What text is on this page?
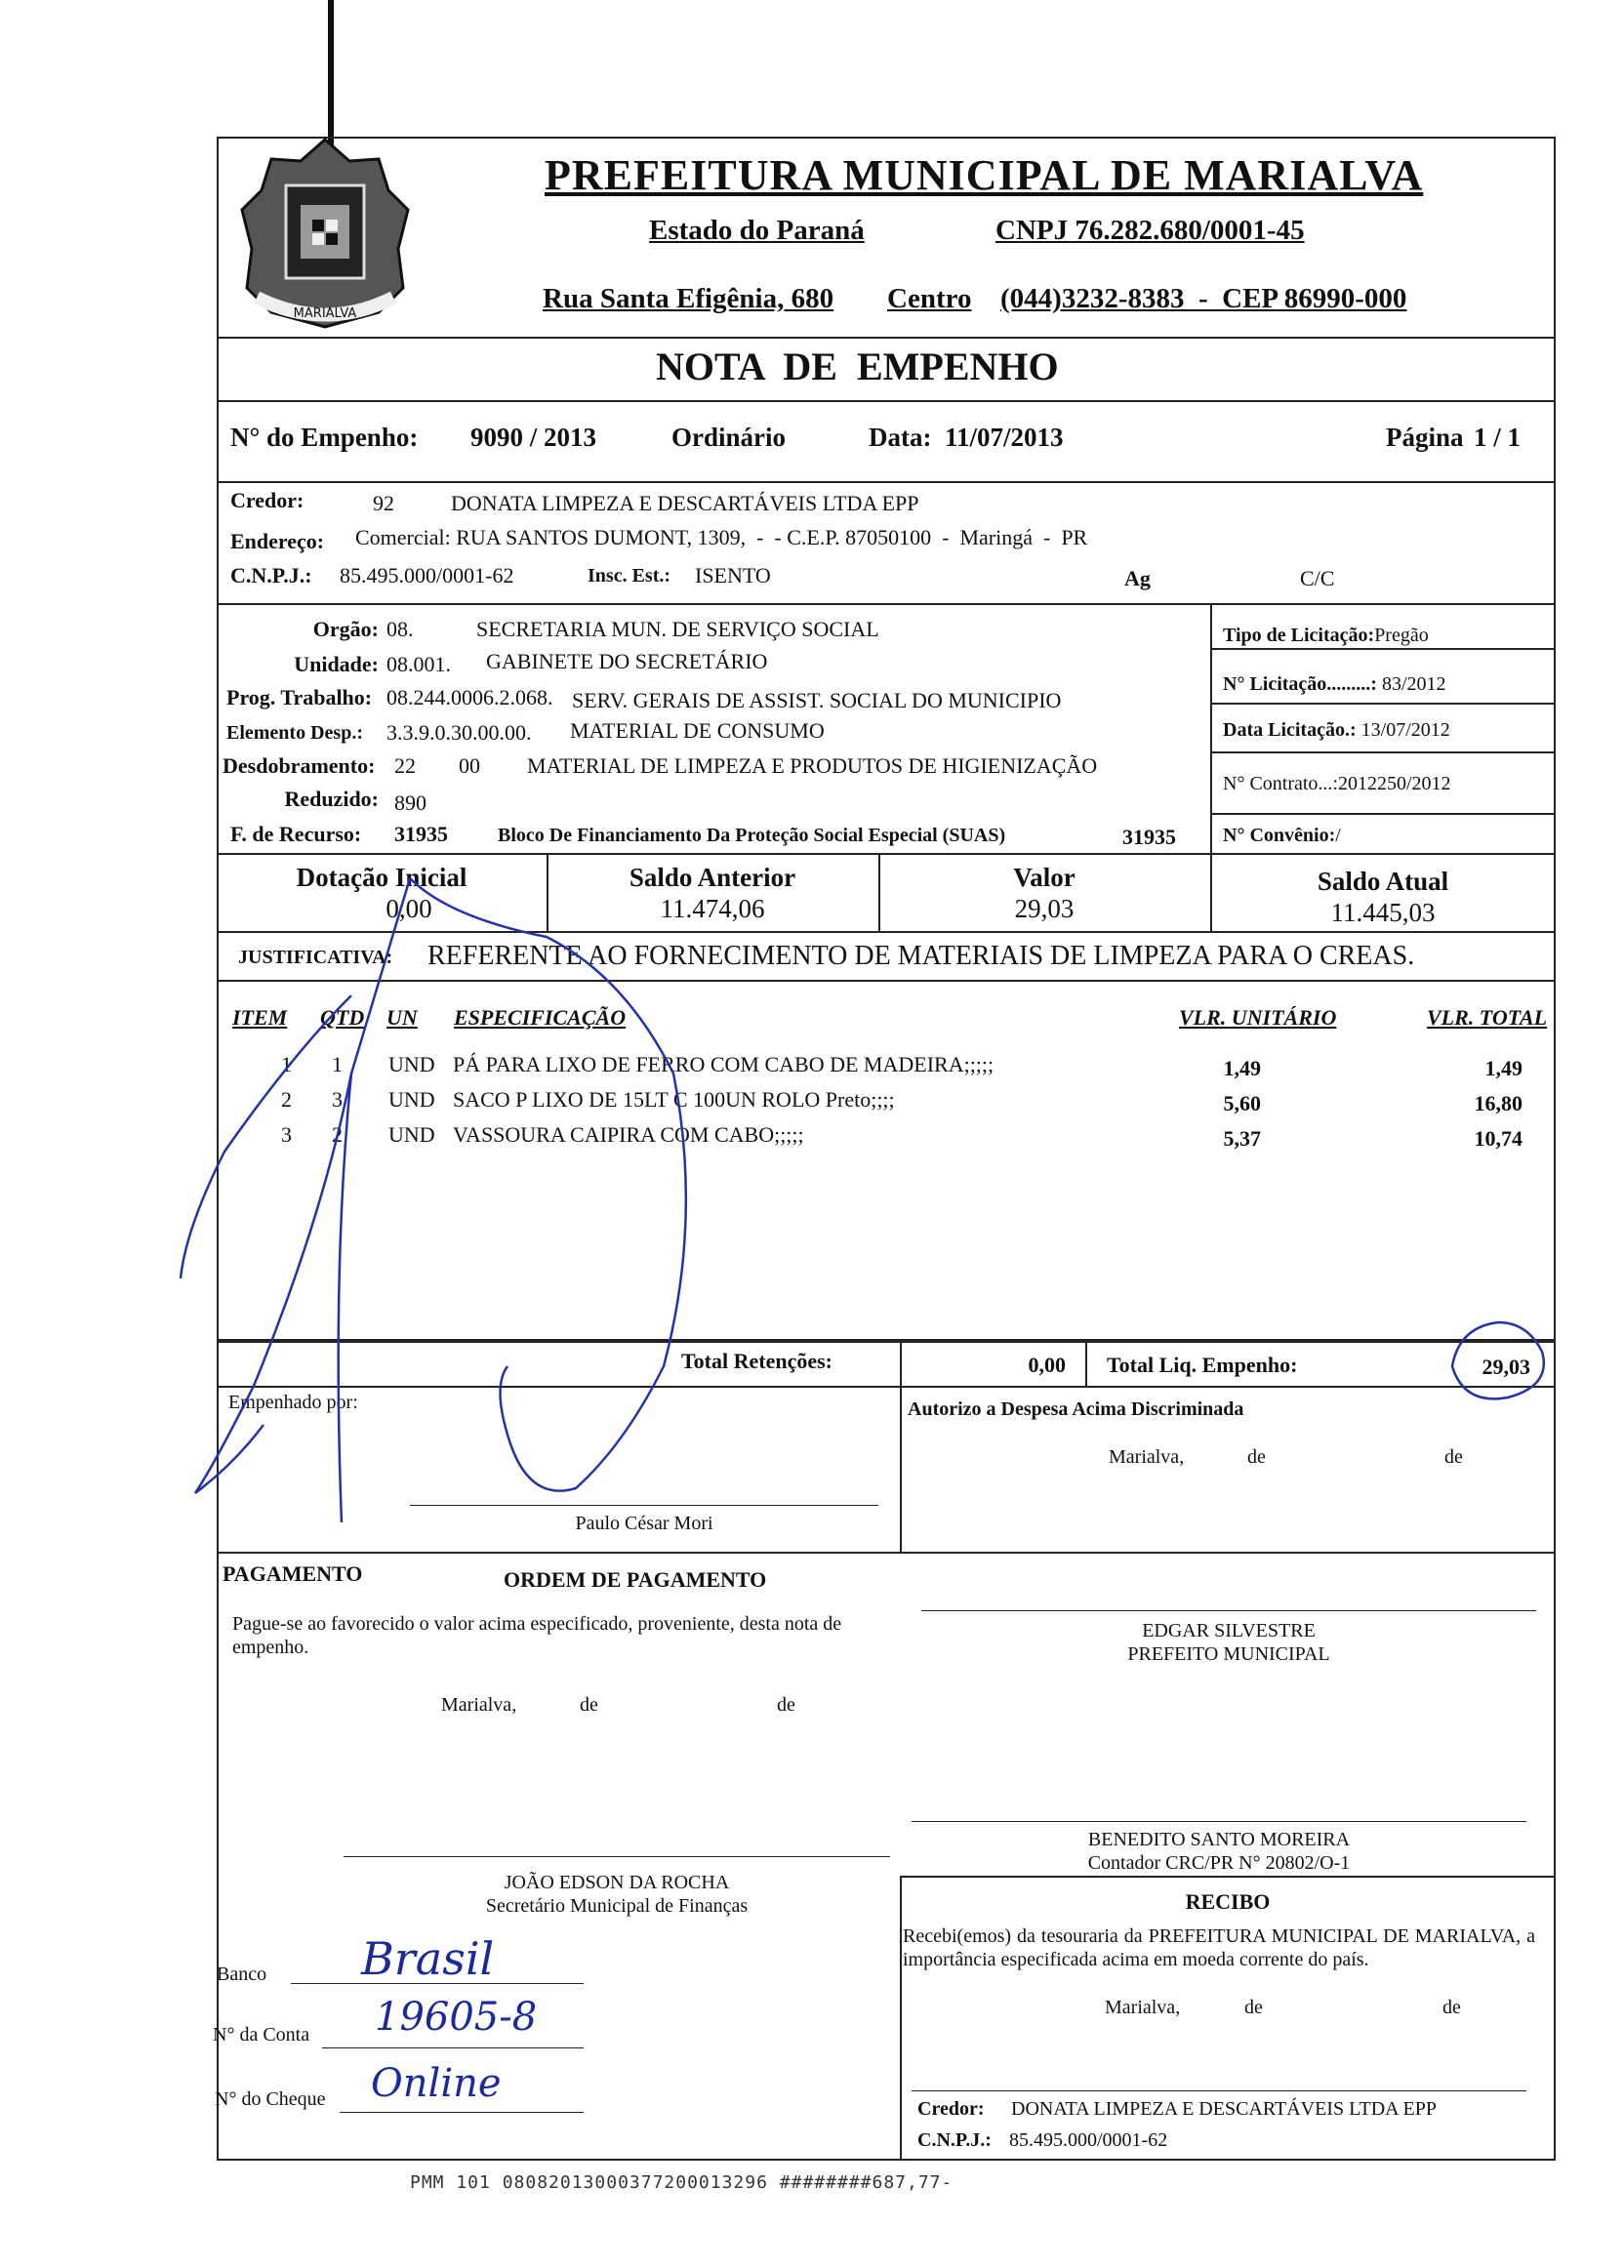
MARIALVA
PREFEITURA MUNICIPAL DE MARIALVA
Estado do Paraná	CNPJ 76.282.680/0001-45
Rua Santa Efigênia, 680 Centro (044)3232-8383  -  CEP 86990-000
NOTA  DE  EMPENHO
N° do Empenho: 9090 / 2013	Ordinário	Data: 11/07/2013	Página 1 / 1
Credor:	92	DONATA LIMPEZA E DESCARTÁVEIS LTDA EPP
Endereço: Comercial: RUA SANTOS DUMONT, 1309,  -  - C.E.P. 87050100  -  Maringá  -  PR
C.N.P.J.: 85.495.000/0001-62	Insc. Est.: ISENTO	Ag	C/C
Orgão: 08.	SECRETARIA MUN. DE SERVIÇO SOCIAL
Unidade: 08.001. GABINETE DO SECRETÁRIO
Prog. Trabalho: 08.244.0006.2.068. SERV. GERAIS DE ASSIST. SOCIAL DO MUNICIPIO
Elemento Desp.: 3.3.9.0.30.00.00. MATERIAL DE CONSUMO
Desdobramento: 22 00 MATERIAL DE LIMPEZA E PRODUTOS DE HIGIENIZAÇÃO
Reduzido: 890
F. de Recurso: 31935	Bloco De Financiamento Da Proteção Social Especial (SUAS)	31935
Tipo de Licitação:Pregão
N° Licitação.........: 83/2012
Data Licitação.: 13/07/2012
N° Contrato...:2012250/2012
N° Convênio:/
Dotação Inicial
0,00
Saldo Anterior
11.474,06
Valor
29,03
Saldo Atual
11.445,03
JUSTIFICATIVA: REFERENTE AO FORNECIMENTO DE MATERIAIS DE LIMPEZA PARA O CREAS.
ITEM QTD UN ESPECIFICAÇÃO	VLR. UNITÁRIO	VLR. TOTAL
1 1 UND PÁ PARA LIXO DE FERRO COM CABO DE MADEIRA;;;;;	1,49	1,49
2 3 UND SACO P LIXO DE 15LT C 100UN ROLO Preto;;;;	5,60	16,80
3 2 UND VASSOURA CAIPIRA COM CABO;;;;;	5,37	10,74
Total Retenções:	0,00 Total Liq. Empenho:	29,03
Empenhado por:
Paulo César Mori
Autorizo a Despesa Acima Discriminada
Marialva,	de	de
PAGAMENTO	ORDEM DE PAGAMENTO
Pague-se ao favorecido o valor acima especificado, proveniente, desta nota de empenho.
Marialva,	de	de
JOÃO EDSON DA ROCHA
Secretário Municipal de Finanças
Banco Brasil
N° da Conta 19605-8
N° do Cheque Online
EDGAR SILVESTRE
PREFEITO MUNICIPAL
BENEDITO SANTO MOREIRA
Contador CRC/PR N° 20802/O-1
RECIBO
Recebi(emos) da tesouraria da PREFEITURA MUNICIPAL DE MARIALVA, a importância especificada acima em moeda corrente do país.
Marialva,	de	de
Credor: DONATA LIMPEZA E DESCARTÁVEIS LTDA EPP
C.N.P.J.: 85.495.000/0001-62
PMM 101 08082013000377200013296 ########687,77-
